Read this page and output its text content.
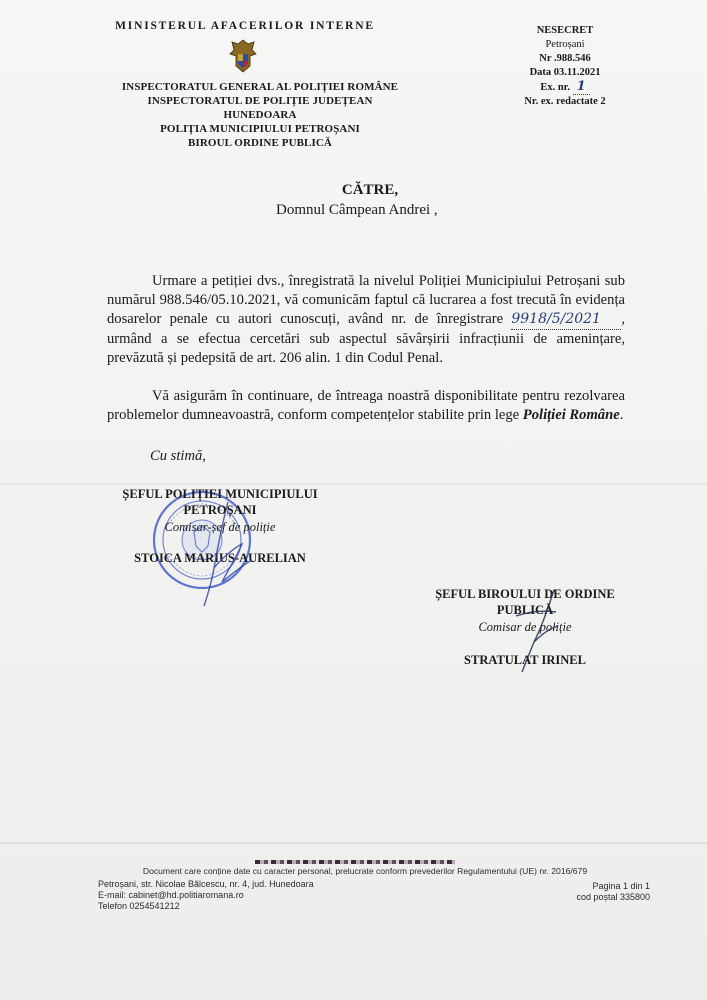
MINISTERUL AFACERILOR INTERNE
INSPECTORATUL GENERAL AL POLIȚIEI ROMÂNE
INSPECTORATUL DE POLIȚIE JUDEȚEAN
HUNEDOARA
POLIȚIA MUNICIPIULUI PETROȘANI
BIROUL ORDINE PUBLICĂ
NESECRET
Petroșani
Nr .988.546
Data 03.11.2021
Ex. nr. 1
Nr. ex. redactate 2
CĂTRE,
Domnul Câmpean Andrei ,
Urmare a petiției dvs., înregistrată la nivelul Poliției Municipiului Petroșani sub numărul 988.546/05.10.2021, vă comunicăm faptul că lucrarea a fost trecută în evidența dosarelor penale cu autori cunoscuți, având nr. de înregistrare 9918/5/2021 , urmând a se efectua cercetări sub aspectul săvârșirii infracțiunii de amenințare, prevăzută și pedepsită de art. 206 alin. 1 din Codul Penal.
Vă asigurăm în continuare, de întreaga noastră disponibilitate pentru rezolvarea problemelor dumneavoastră, conform competențelor stabilite prin lege Poliției Române.
Cu stimă,
ȘEFUL POLIȚIEI MUNICIPIULUI
PETROȘANI
Comisar-șef de poliție
STOICA MARIUS-AURELIAN
ȘEFUL BIROULUI DE ORDINE
PUBLICĂ
Comisar de poliție
STRATULAT IRINEL
Document care conține date cu caracter personal, prelucrate conform prevederilor Regulamentului (UE) nr. 2016/679
Petroșani, str. Nicolae Bălcescu, nr. 4, jud. Hunedoara
E-mail: cabinet@hd.politiaromana.ro
Telefon 0254541212
Pagina 1 din 1
cod poștal 335800
